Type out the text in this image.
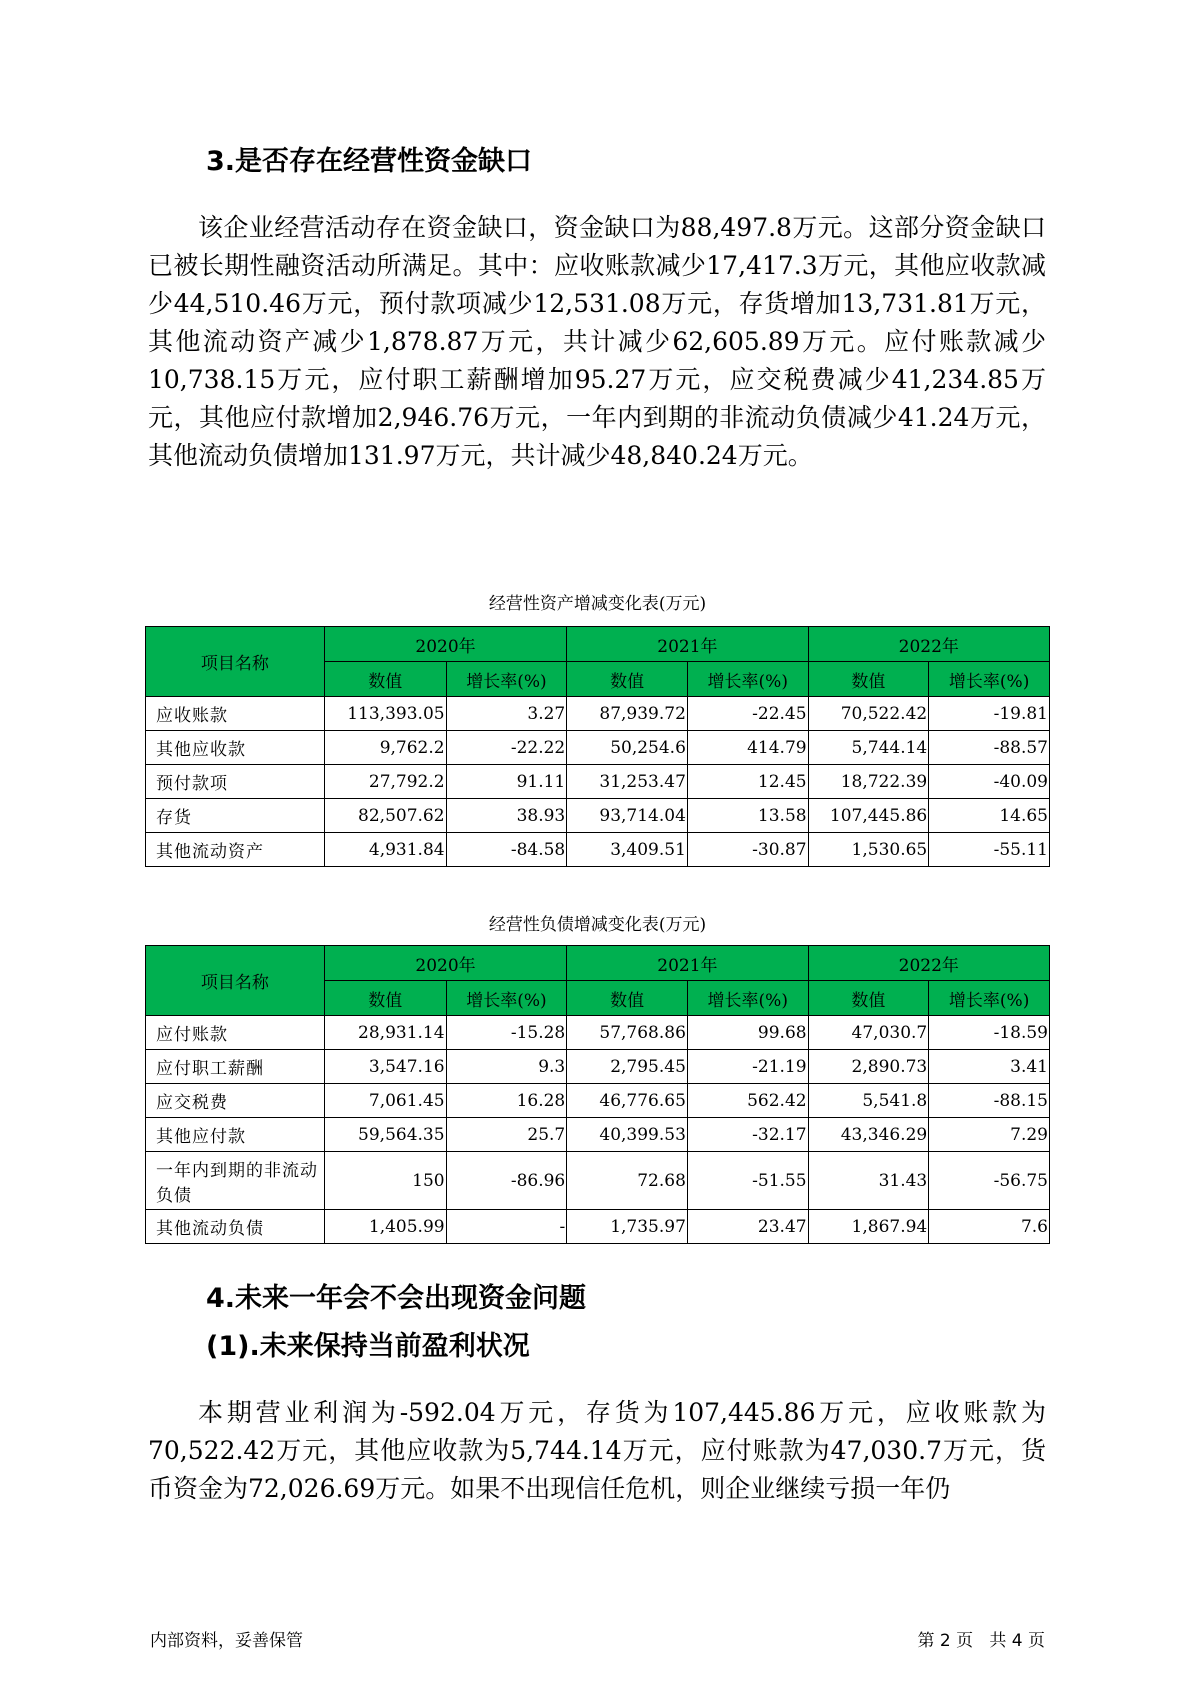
3.是否存在经营性资金缺口

该企业经营活动存在资金缺口，资金缺口为88,497.8万元。这部分资金缺口已被长期性融资活动所满足。其中：应收账款减少17,417.3万元，其他应收款减少44,510.46万元，预付款项减少12,531.08万元，存货增加13,731.81万元，其他流动资产减少1,878.87万元，共计减少62,605.89万元。应付账款减少10,738.15万元，应付职工薪酬增加95.27万元，应交税费减少41,234.85万元，其他应付款增加2,946.76万元，一年内到期的非流动负债减少41.24万元，其他流动负债增加131.97万元，共计减少48,840.24万元。

经营性资产增减变化表(万元)
项目名称	2020年		2021年		2022年	
	数值	增长率(%)	数值	增长率(%)	数值	增长率(%)
应收账款	113,393.05	3.27	87,939.72	-22.45	70,522.42	-19.81
其他应收款	9,762.2	-22.22	50,254.6	414.79	5,744.14	-88.57
预付款项	27,792.2	91.11	31,253.47	12.45	18,722.39	-40.09
存货	82,507.62	38.93	93,714.04	13.58	107,445.86	14.65
其他流动资产	4,931.84	-84.58	3,409.51	-30.87	1,530.65	-55.11
经营性负债增减变化表(万元)
项目名称	2020年		2021年		2022年	
	数值	增长率(%)	数值	增长率(%)	数值	增长率(%)
应付账款	28,931.14	-15.28	57,768.86	99.68	47,030.7	-18.59
应付职工薪酬	3,547.16	9.3	2,795.45	-21.19	2,890.73	3.41
应交税费	7,061.45	16.28	46,776.65	562.42	5,541.8	-88.15
其他应付款	59,564.35	25.7	40,399.53	-32.17	43,346.29	7.29
一年内到期的非流动负债	150	-86.96	72.68	-51.55	31.43	-56.75
其他流动负债	1,405.99	-	1,735.97	23.47	1,867.94	7.6
4.未来一年会不会出现资金问题
(1).未来保持当前盈利状况

本期营业利润为-592.04万元，存货为107,445.86万元，应收账款为70,522.42万元，其他应收款为5,744.14万元，应付账款为47,030.7万元，货币资金为72,026.69万元。如果不出现信任危机，则企业继续亏损一年仍

内部资料，妥善保管	第 2 页   共 4 页
